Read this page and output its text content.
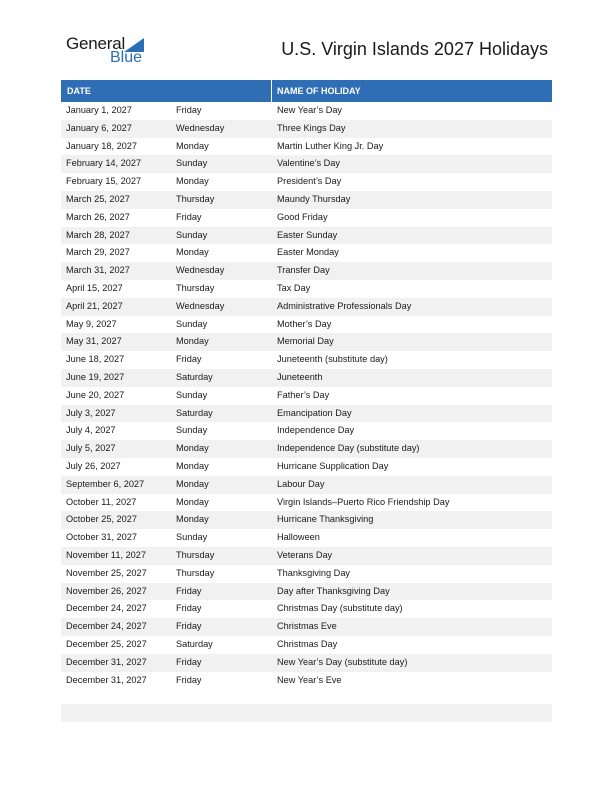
General
Blue	U.S. Virgin Islands 2027 Holidays
DATE	NAME OF HOLIDAY
January 1, 2027	Friday	New Year’s Day
January 6, 2027	Wednesday	Three Kings Day
January 18, 2027	Monday	Martin Luther King Jr. Day
February 14, 2027	Sunday	Valentine’s Day
February 15, 2027	Monday	President’s Day
March 25, 2027	Thursday	Maundy Thursday
March 26, 2027	Friday	Good Friday
March 28, 2027	Sunday	Easter Sunday
March 29, 2027	Monday	Easter Monday
March 31, 2027	Wednesday	Transfer Day
April 15, 2027	Thursday	Tax Day
April 21, 2027	Wednesday	Administrative Professionals Day
May 9, 2027	Sunday	Mother’s Day
May 31, 2027	Monday	Memorial Day
June 18, 2027	Friday	Juneteenth (substitute day)
June 19, 2027	Saturday	Juneteenth
June 20, 2027	Sunday	Father’s Day
July 3, 2027	Saturday	Emancipation Day
July 4, 2027	Sunday	Independence Day
July 5, 2027	Monday	Independence Day (substitute day)
July 26, 2027	Monday	Hurricane Supplication Day
September 6, 2027	Monday	Labour Day
October 11, 2027	Monday	Virgin Islands–Puerto Rico Friendship Day
October 25, 2027	Monday	Hurricane Thanksgiving
October 31, 2027	Sunday	Halloween
November 11, 2027	Thursday	Veterans Day
November 25, 2027	Thursday	Thanksgiving Day
November 26, 2027	Friday	Day after Thanksgiving Day
December 24, 2027	Friday	Christmas Day (substitute day)
December 24, 2027	Friday	Christmas Eve
December 25, 2027	Saturday	Christmas Day
December 31, 2027	Friday	New Year’s Day (substitute day)
December 31, 2027	Friday	New Year’s Eve
